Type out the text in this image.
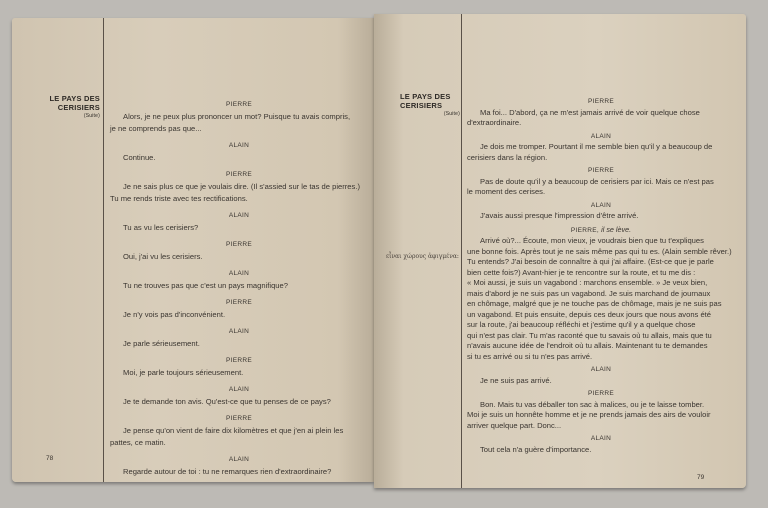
LE PAYS DES CERISIERS
(Suite)
PIERRE
Alors, je ne peux plus prononcer un mot? Puisque tu avais compris,
je ne comprends pas que...
ALAIN
Continue.
PIERRE
Je ne sais plus ce que je voulais dire. (Il s'assied sur le tas de pierres.)
Tu me rends triste avec tes rectifications.
ALAIN
Tu as vu les cerisiers?
PIERRE
Oui, j'ai vu les cerisiers.
ALAIN
Tu ne trouves pas que c'est un pays magnifique?
PIERRE
Je n'y vois pas d'inconvénient.
ALAIN
Je parle sérieusement.
PIERRE
Moi, je parle toujours sérieusement.
ALAIN
Je te demande ton avis. Qu'est-ce que tu penses de ce pays?
PIERRE
Je pense qu'on vient de faire dix kilomètres et que j'en ai plein les
pattes, ce matin.
ALAIN
Regarde autour de toi : tu ne remarques rien d'extraordinaire?
78
LE PAYS DES CERISIERS
(Suite)
εἶναι χώρους ἀφιγμένα:
PIERRE
Ma foi... D'abord, ça ne m'est jamais arrivé de voir quelque chose
d'extraordinaire.
ALAIN
Je dois me tromper. Pourtant il me semble bien qu'il y a beaucoup de
cerisiers dans la région.
PIERRE
Pas de doute qu'il y a beaucoup de cerisiers par ici. Mais ce n'est pas
le moment des cerises.
ALAIN
J'avais aussi presque l'impression d'être arrivé.
PIERRE, il se lève.
Arrivé où?... Écoute, mon vieux, je voudrais bien que tu t'expliques
une bonne fois. Après tout je ne sais même pas qui tu es. (Alain semble rêver.)
Tu entends? J'ai besoin de connaître à qui j'ai affaire. (Est-ce que je parle
bien cette fois?) Avant-hier je te rencontre sur la route, et tu me dis :
« Moi aussi, je suis un vagabond : marchons ensemble. » Je veux bien,
mais d'abord je ne suis pas un vagabond. Je suis marchand de journaux
en chômage, malgré que je ne touche pas de chômage, mais je ne suis pas
un vagabond. Et puis ensuite, depuis ces deux jours que nous avons été
sur la route, j'ai beaucoup réfléchi et j'estime qu'il y a quelque chose
qui n'est pas clair. Tu m'as raconté que tu savais où tu allais, mais que tu
n'avais aucune idée de l'endroit où tu allais. Maintenant tu te demandes
si tu es arrivé ou si tu n'es pas arrivé.
ALAIN
Je ne suis pas arrivé.
PIERRE
Bon. Mais tu vas déballer ton sac à malices, ou je te laisse tomber.
Moi je suis un honnête homme et je ne prends jamais des airs de vouloir
arriver quelque part. Donc...
ALAIN
Tout cela n'a guère d'importance.
79
